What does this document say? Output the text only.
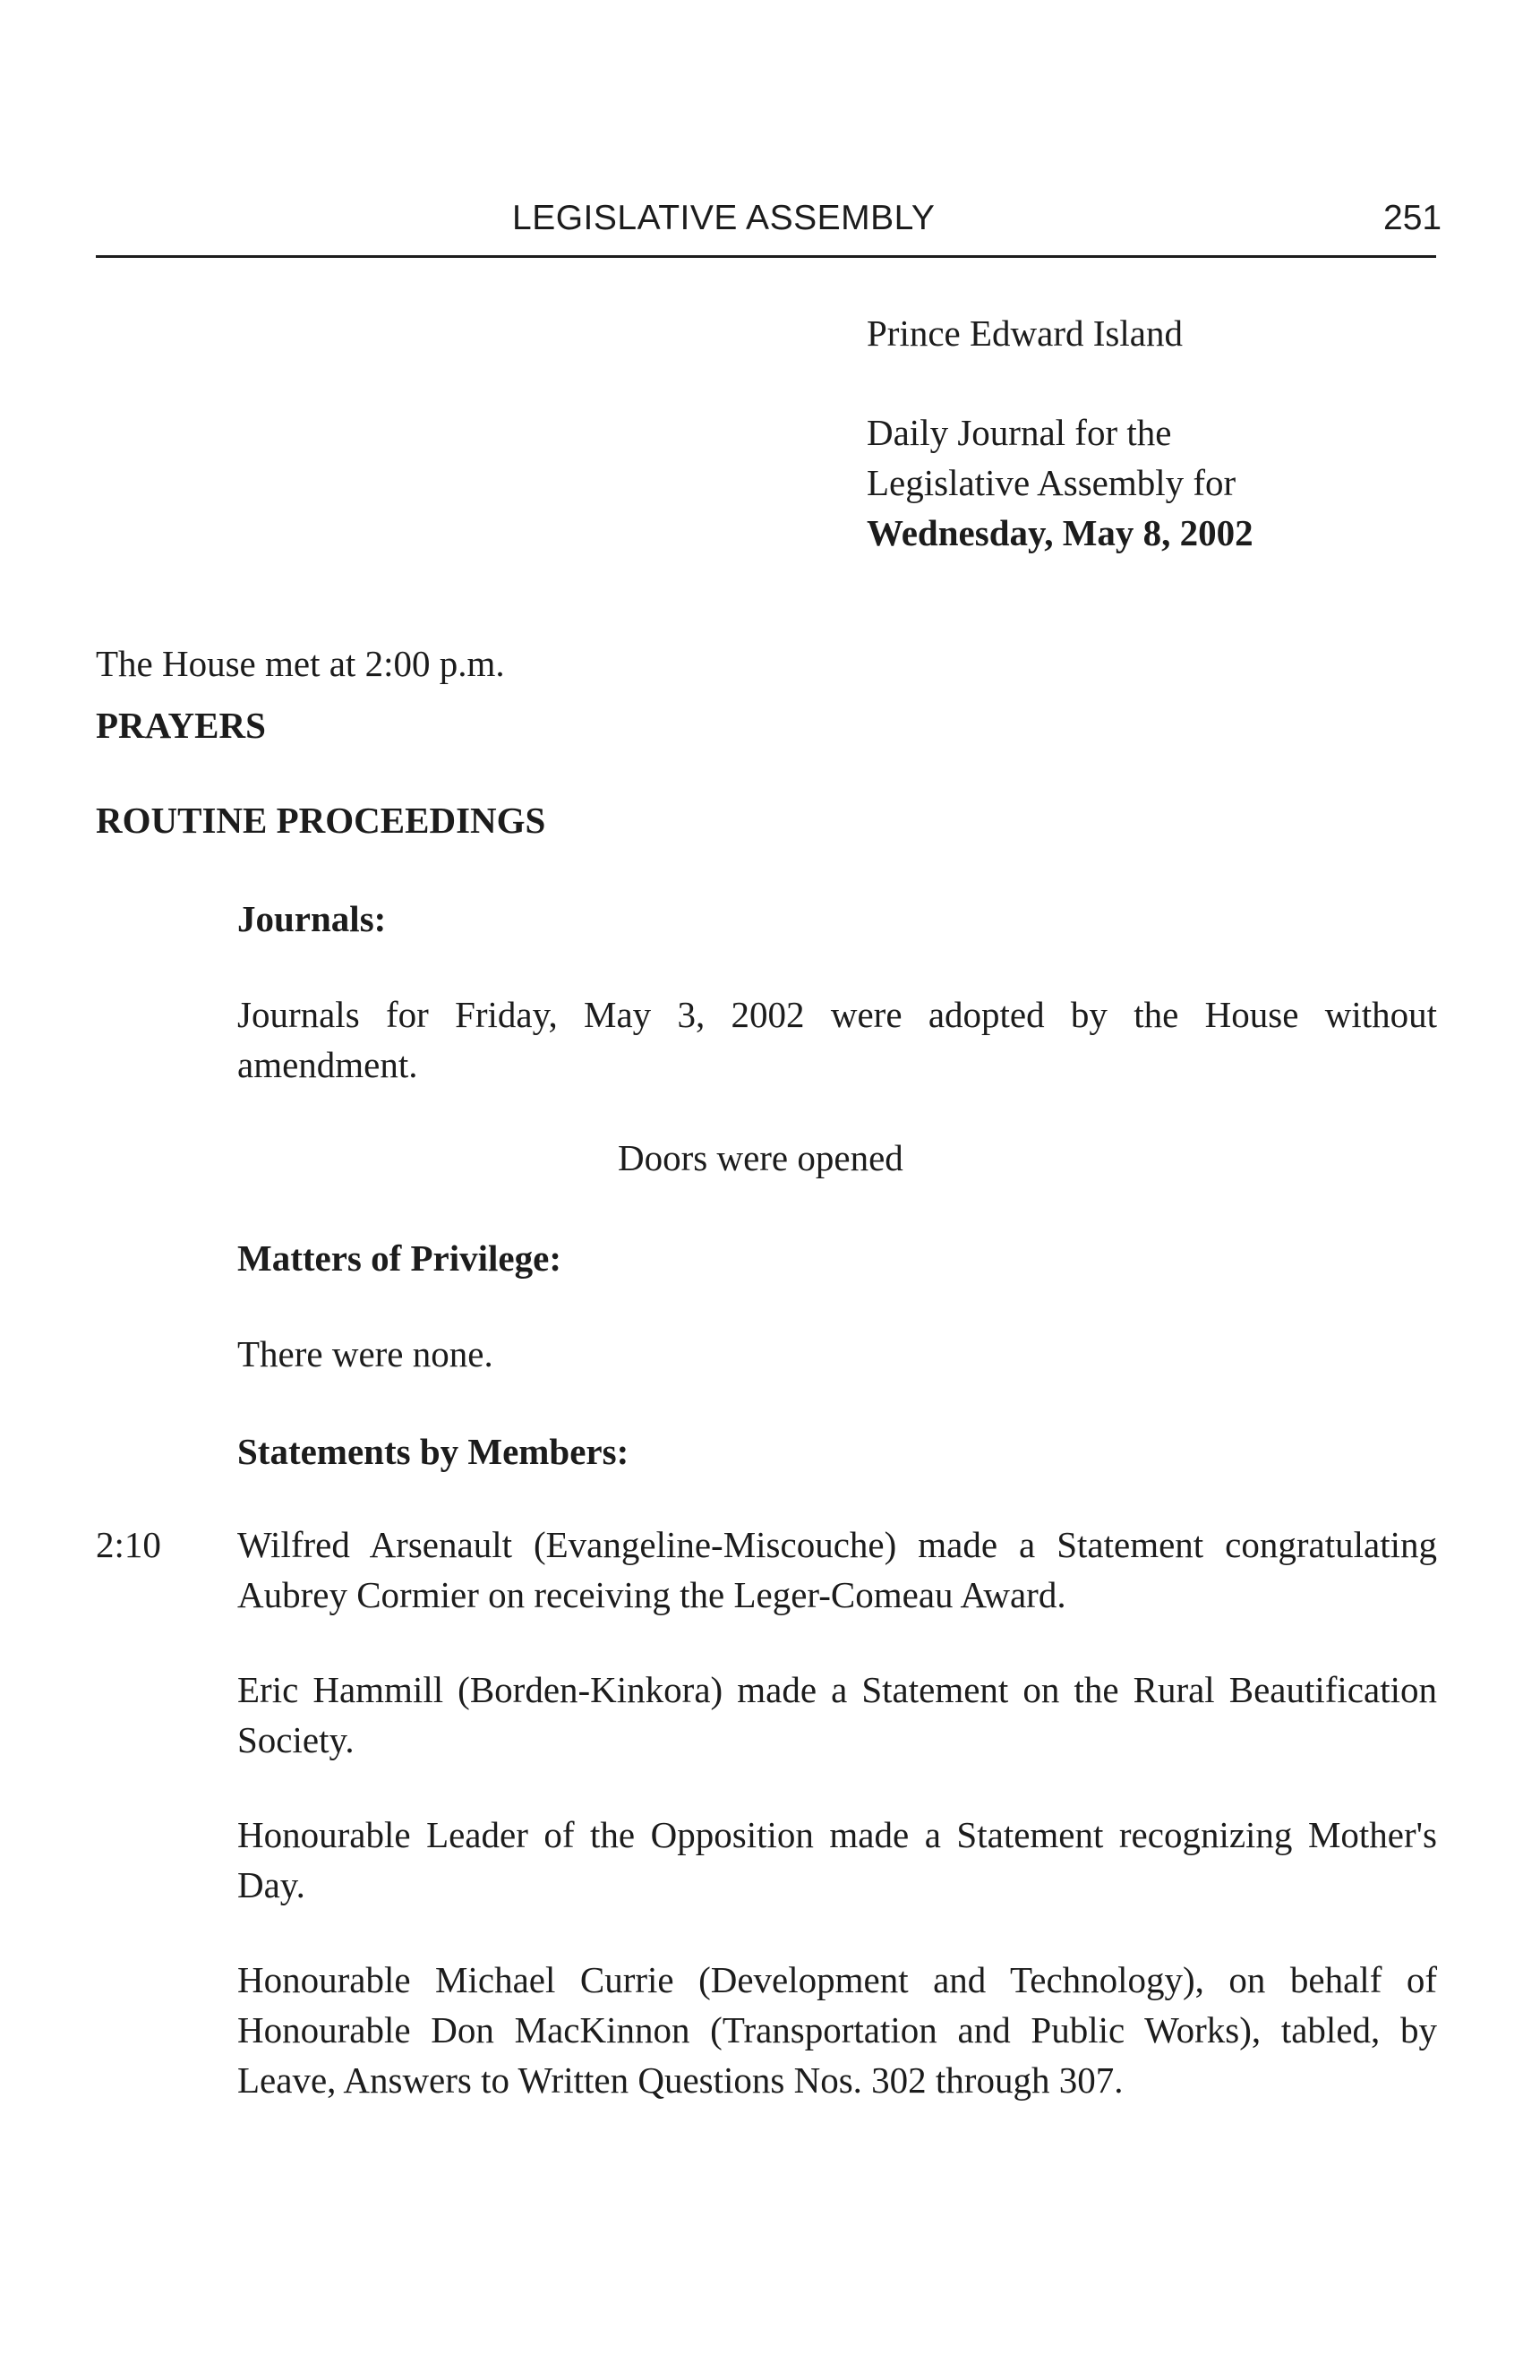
LEGISLATIVE ASSEMBLY	251
Prince Edward Island
Daily Journal for the
Legislative Assembly for
Wednesday, May 8, 2002
The House met at 2:00 p.m.
PRAYERS
ROUTINE PROCEEDINGS
Journals:
Journals for Friday, May 3, 2002 were adopted by the House without amendment.
Doors were opened
Matters of Privilege:
There were none.
Statements by Members:
2:10 Wilfred Arsenault (Evangeline-Miscouche) made a Statement congratulating Aubrey Cormier on receiving the Leger-Comeau Award.
Eric Hammill (Borden-Kinkora) made a Statement on the Rural Beautification Society.
Honourable Leader of the Opposition made a Statement recognizing Mother's Day.
Honourable Michael Currie (Development and Technology), on behalf of Honourable Don MacKinnon (Transportation and Public Works), tabled, by Leave, Answers to Written Questions Nos. 302 through 307.
